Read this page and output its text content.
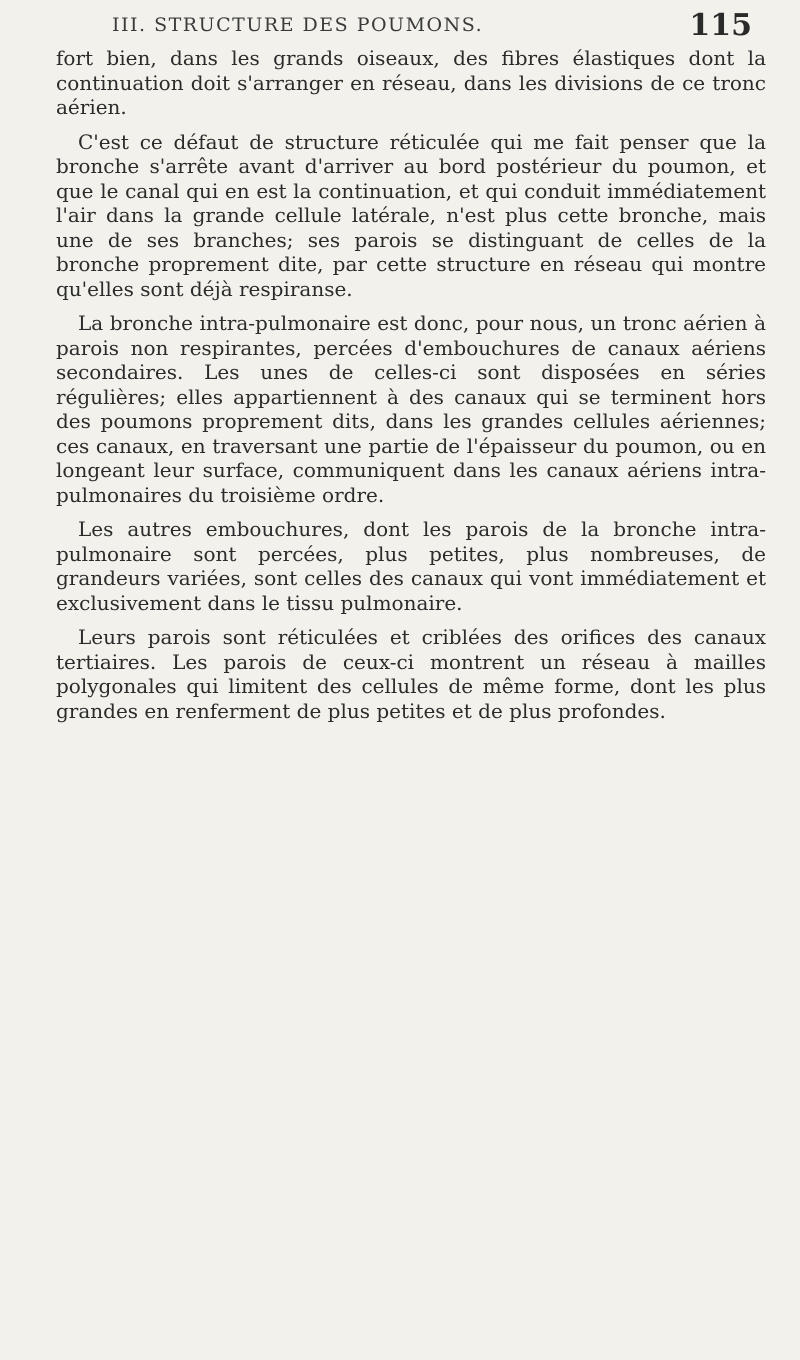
III. STRUCTURE DES POUMONS.	115

fort bien, dans les grands oiseaux, des fibres élastiques dont la continuation doit s'arranger en réseau, dans les divisions de ce tronc aérien.

C'est ce défaut de structure réticulée qui me fait penser que la bronche s'arrête avant d'arriver au bord postérieur du poumon, et que le canal qui en est la continuation, et qui conduit immédiatement l'air dans la grande cellule latérale, n'est plus cette bronche, mais une de ses branches; ses parois se distinguant de celles de la bronche proprement dite, par cette structure en réseau qui montre qu'elles sont déjà respiranse.

La bronche intra-pulmonaire est donc, pour nous, un tronc aérien à parois non respirantes, percées d'embouchures de canaux aériens secondaires. Les unes de celles-ci sont disposées en séries régulières; elles appartiennent à des canaux qui se terminent hors des poumons proprement dits, dans les grandes cellules aériennes; ces canaux, en traversant une partie de l'épaisseur du poumon, ou en longeant leur surface, communiquent dans les canaux aériens intra-pulmonaires du troisième ordre.

Les autres embouchures, dont les parois de la bronche intra-pulmonaire sont percées, plus petites, plus nombreuses, de grandeurs variées, sont celles des canaux qui vont immédiatement et exclusivement dans le tissu pulmonaire.

Leurs parois sont réticulées et criblées des orifices des canaux tertiaires. Les parois de ceux-ci montrent un réseau à mailles polygonales qui limitent des cellules de même forme, dont les plus grandes en renferment de plus petites et de plus profondes.
